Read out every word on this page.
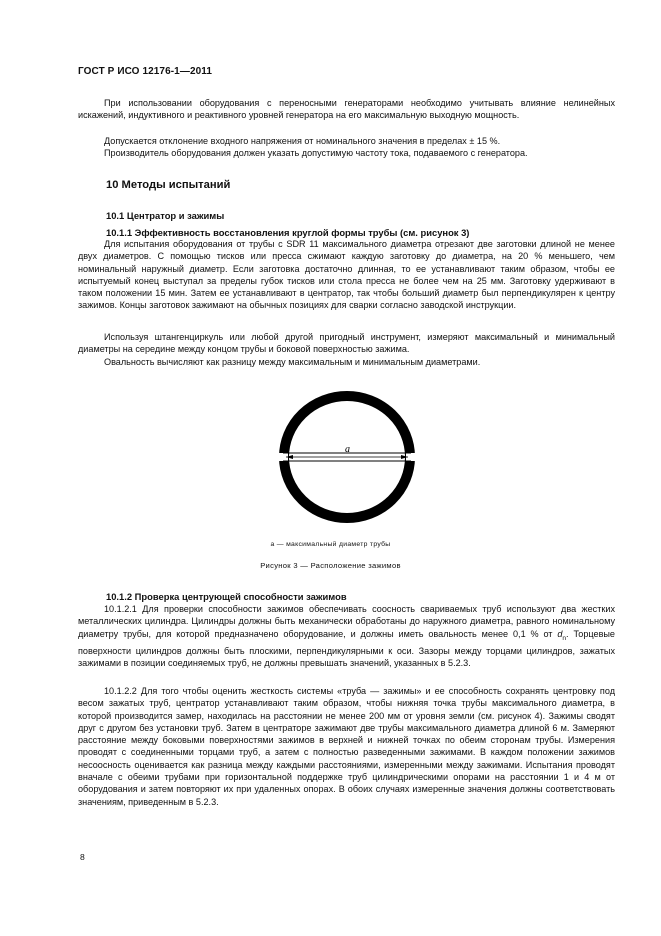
ГОСТ Р ИСО 12176-1—2011

При использовании оборудования с переносными генераторами необходимо учитывать влияние нелинейных искажений, индуктивного и реактивного уровней генератора на его максимальную выходную мощность.

Допускается отклонение входного напряжения от номинального значения в пределах ± 15 %.

Производитель оборудования должен указать допустимую частоту тока, подаваемого с генератора.

10 Методы испытаний
10.1 Центратор и зажимы
10.1.1 Эффективность восстановления круглой формы трубы (см. рисунок 3)

Для испытания оборудования от трубы с SDR 11 максимального диаметра отрезают две заготовки длиной не менее двух диаметров. С помощью тисков или пресса сжимают каждую заготовку до диаметра, на 20 % меньшего, чем номинальный наружный диаметр. Если заготовка достаточно длинная, то ее устанавливают таким образом, чтобы ее испытуемый конец выступал за пределы губок тисков или стола пресса не более чем на 25 мм. Заготовку удерживают в таком положении 15 мин. Затем ее устанавливают в центратор, так чтобы больший диаметр был перпендикулярен к центру зажимов. Концы заготовок зажимают на обычных позициях для сварки согласно заводской инструкции.

Используя штангенциркуль или любой другой пригодный инструмент, измеряют максимальный и минимальный диаметры на середине между концом трубы и боковой поверхностью зажима.

Овальность вычисляют как разницу между максимальным и минимальным диаметрами.

a
a — максимальный диаметр трубы
Рисунок 3 — Расположение зажимов
10.1.2 Проверка центрующей способности зажимов

10.1.2.1 Для проверки способности зажимов обеспечивать соосность свариваемых труб используют два жестких металлических цилиндра. Цилиндры должны быть механически обработаны до наружного диаметра, равного номинальному диаметру трубы, для которой предназначено оборудование, и должны иметь овальность менее 0,1 % от $d_n$. Торцевые поверхности цилиндров должны быть плоскими, перпендикулярными к оси. Зазоры между торцами цилиндров, зажатых зажимами в позиции соединяемых труб, не должны превышать значений, указанных в 5.2.3.

10.1.2.2 Для того чтобы оценить жесткость системы «труба — зажимы» и ее способность сохранять центровку под весом зажатых труб, центратор устанавливают таким образом, чтобы нижняя точка трубы максимального диаметра, в которой производится замер, находилась на расстоянии не менее 200 мм от уровня земли (см. рисунок 4). Зажимы сводят друг с другом без установки труб. Затем в центраторе зажимают две трубы максимального диаметра длиной 6 м. Замеряют расстояние между боковыми поверхностями зажимов в верхней и нижней точках по обеим сторонам трубы. Измерения проводят с соединенными торцами труб, а затем с полностью разведенными зажимами. В каждом положении зажимов несоосность оценивается как разница между каждыми расстояниями, измеренными между зажимами. Испытания проводят вначале с обеими трубами при горизонтальной поддержке труб цилиндрическими опорами на расстоянии 1 и 4 м от оборудования и затем повторяют их при удаленных опорах. В обоих случаях измеренные значения должны соответствовать значениям, приведенным в 5.2.3.

8
